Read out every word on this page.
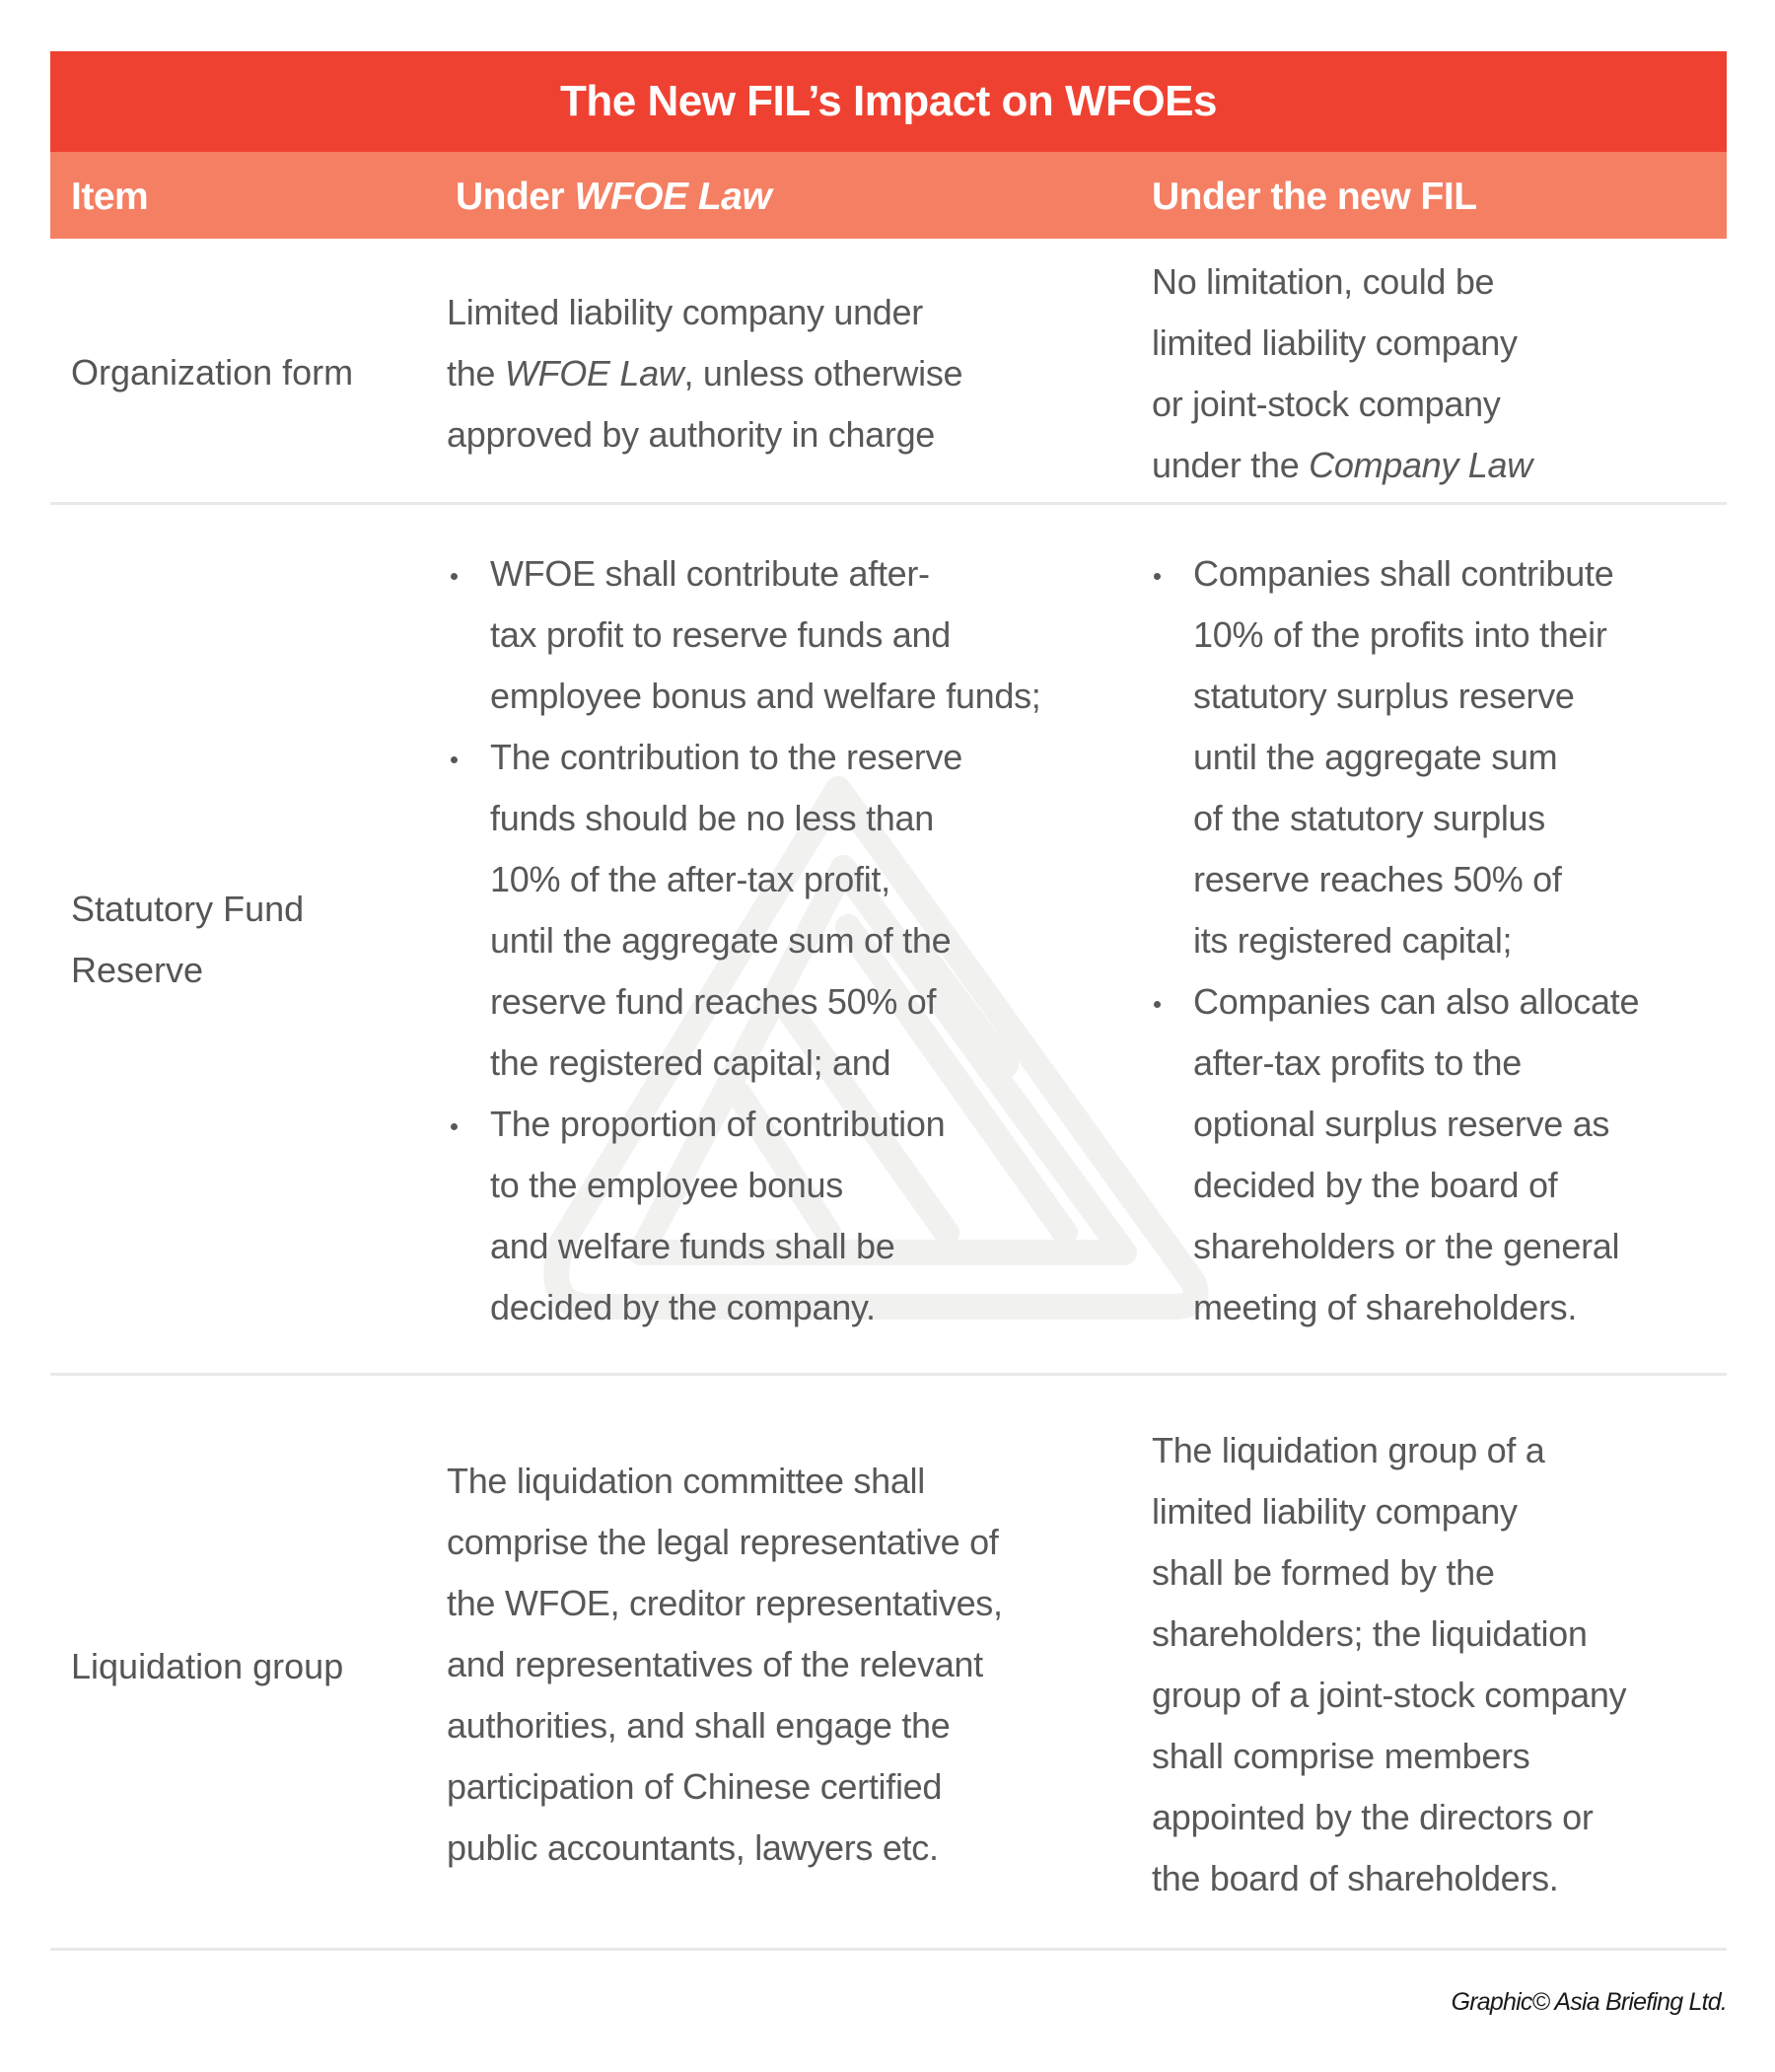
The New FIL’s Impact on WFOEs
Item	Under WFOE Law	Under the new FIL
Organization form
Limited liability company under
the WFOE Law, unless otherwise
approved by authority in charge
No limitation, could be
limited liability company
or joint-stock company
under the Company Law
Statutory Fund
Reserve
WFOE shall contribute after-
tax profit to reserve funds and
employee bonus and welfare funds;
The contribution to the reserve
funds should be no less than
10% of the after-tax profit,
until the aggregate sum of the
reserve fund reaches 50% of
the registered capital; and
The proportion of contribution
to the employee bonus
and welfare funds shall be
decided by the company.
Companies shall contribute
10% of the profits into their
statutory surplus reserve
until the aggregate sum
of the statutory surplus
reserve reaches 50% of
its registered capital;
Companies can also allocate
after-tax profits to the
optional surplus reserve as
decided by the board of
shareholders or the general
meeting of shareholders.
Liquidation group
The liquidation committee shall
comprise the legal representative of
the WFOE, creditor representatives,
and representatives of the relevant
authorities, and shall engage the
participation of Chinese certified
public accountants, lawyers etc.
The liquidation group of a
limited liability company
shall be formed by the
shareholders; the liquidation
group of a joint-stock company
shall comprise members
appointed by the directors or
the board of shareholders.
Graphic© Asia Briefing Ltd.
